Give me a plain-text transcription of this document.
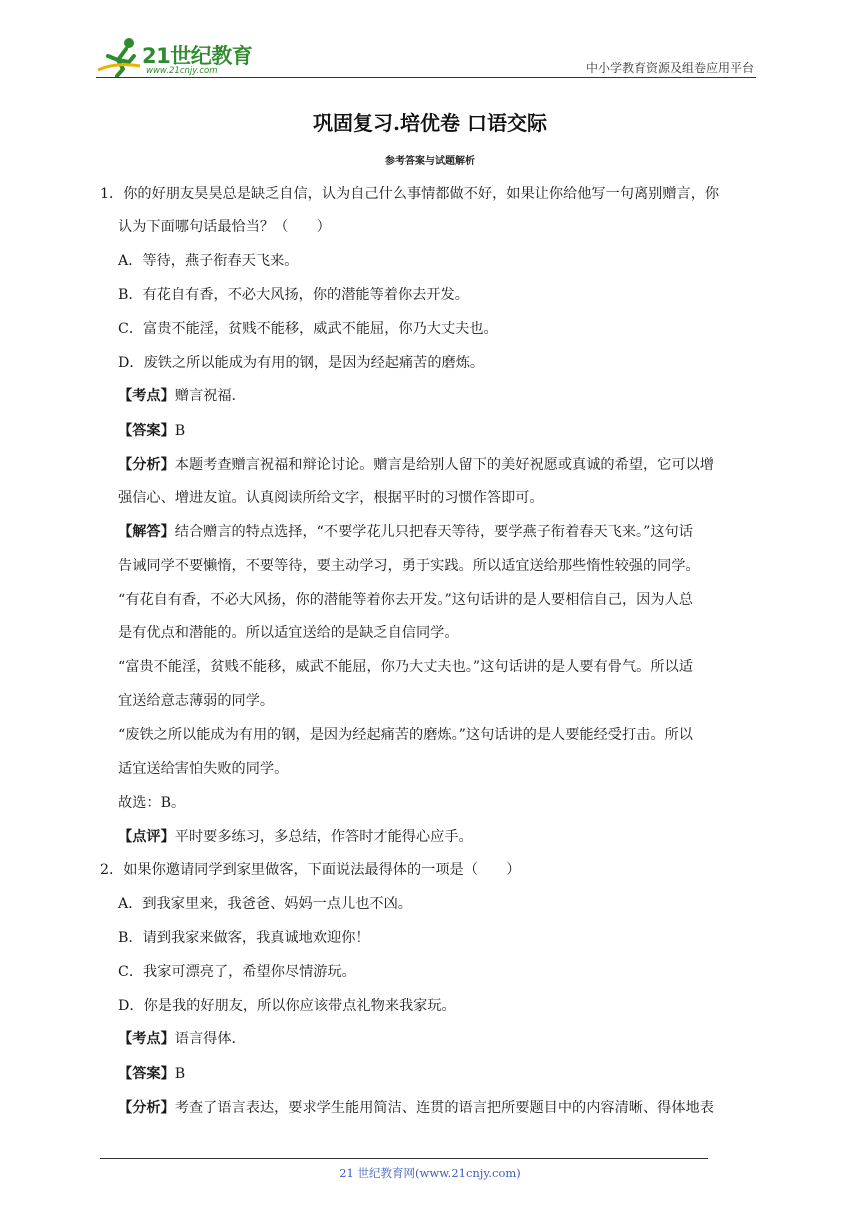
21世纪教育
www.21cnjy.com	中小学教育资源及组卷应用平台
巩固复习.培优卷 口语交际
参考答案与试题解析
1．你的好朋友昊昊总是缺乏自信，认为自己什么事情都做不好，如果让你给他写一句离别赠言，你
认为下面哪句话最恰当？（　　）
A．等待，燕子衔春天飞来。
B．有花自有香，不必大风扬，你的潜能等着你去开发。
C．富贵不能淫，贫贱不能移，威武不能屈，你乃大丈夫也。
D．废铁之所以能成为有用的钢，是因为经起痛苦的磨炼。
【考点】赠言祝福.
【答案】B
【分析】本题考查赠言祝福和辩论讨论。赠言是给别人留下的美好祝愿或真诚的希望，它可以增
强信心、增进友谊。认真阅读所给文字，根据平时的习惯作答即可。
【解答】结合赠言的特点选择，“不要学花儿只把春天等待，要学燕子衔着春天飞来。”这句话
告诫同学不要懒惰，不要等待，要主动学习，勇于实践。所以适宜送给那些惰性较强的同学。
“有花自有香，不必大风扬，你的潜能等着你去开发。”这句话讲的是人要相信自己，因为人总
是有优点和潜能的。所以适宜送给的是缺乏自信同学。
“富贵不能淫，贫贱不能移，威武不能屈，你乃大丈夫也。”这句话讲的是人要有骨气。所以适
宜送给意志薄弱的同学。
“废铁之所以能成为有用的钢，是因为经起痛苦的磨炼。”这句话讲的是人要能经受打击。所以
适宜送给害怕失败的同学。
故选：B。
【点评】平时要多练习，多总结，作答时才能得心应手。
2．如果你邀请同学到家里做客，下面说法最得体的一项是（　　）
A．到我家里来，我爸爸、妈妈一点儿也不凶。
B．请到我家来做客，我真诚地欢迎你！
C．我家可漂亮了，希望你尽情游玩。
D．你是我的好朋友，所以你应该带点礼物来我家玩。
【考点】语言得体.
【答案】B
【分析】考查了语言表达，要求学生能用简洁、连贯的语言把所要题目中的内容清晰、得体地表
21 世纪教育网(www.21cnjy.com)
